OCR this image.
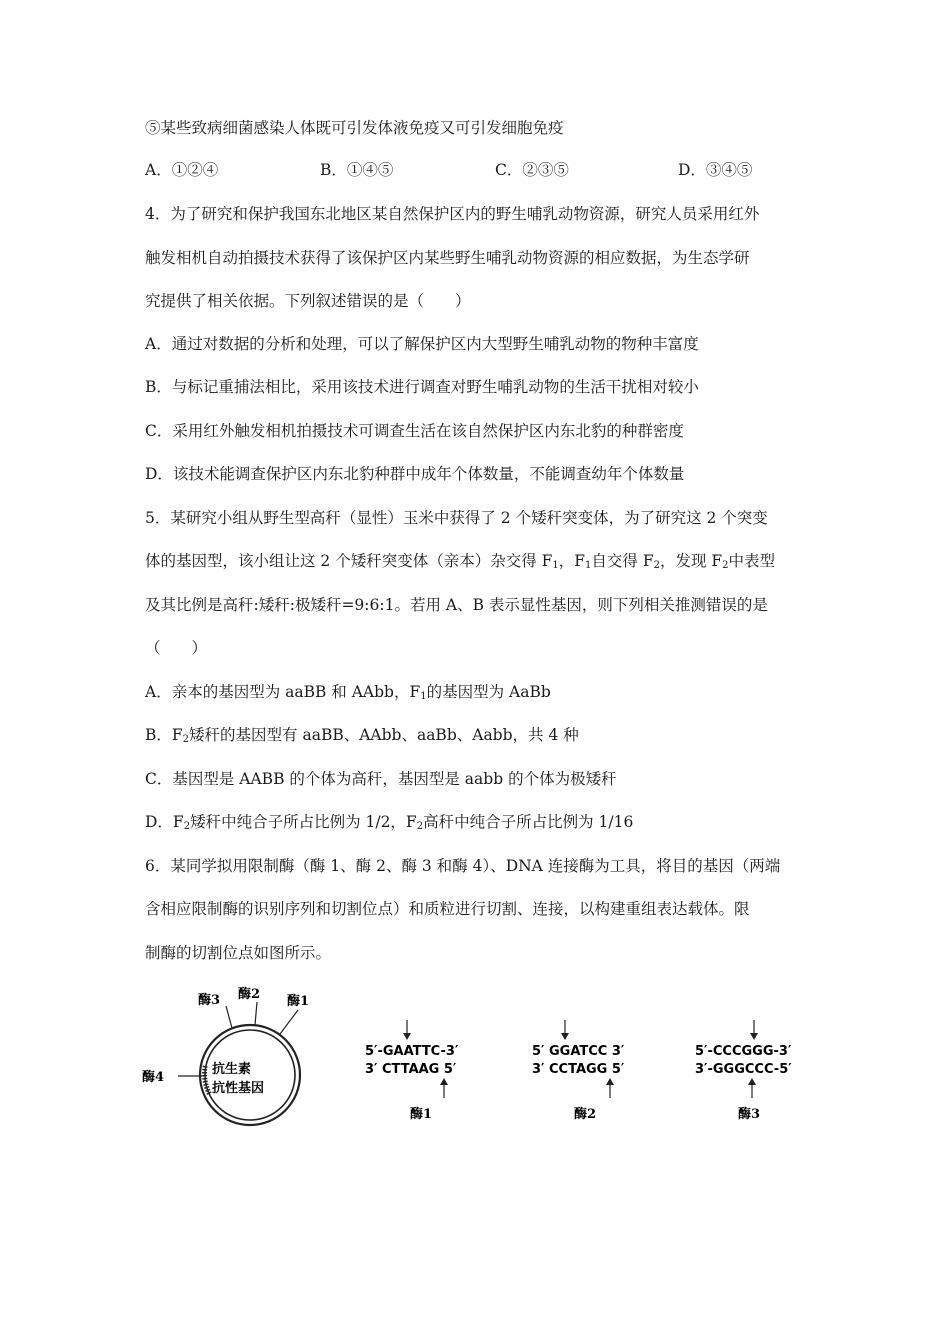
⑤某些致病细菌感染人体既可引发体液免疫又可引发细胞免疫
A．①②④	B．①④⑤	C．②③⑤	D．③④⑤
4．为了研究和保护我国东北地区某自然保护区内的野生哺乳动物资源，研究人员采用红外
触发相机自动拍摄技术获得了该保护区内某些野生哺乳动物资源的相应数据，为生态学研
究提供了相关依据。下列叙述错误的是（　　）
A．通过对数据的分析和处理，可以了解保护区内大型野生哺乳动物的物种丰富度
B．与标记重捕法相比，采用该技术进行调查对野生哺乳动物的生活干扰相对较小
C．采用红外触发相机拍摄技术可调查生活在该自然保护区内东北豹的种群密度
D．该技术能调查保护区内东北豹种群中成年个体数量，不能调查幼年个体数量
5．某研究小组从野生型高秆（显性）玉米中获得了 2 个矮秆突变体，为了研究这 2 个突变
体的基因型，该小组让这 2 个矮秆突变体（亲本）杂交得 $F_1$，$F_1$自交得 $F_2$，发现 $F_2$中表型
及其比例是高秆:矮秆:极矮秆=9:6:1。若用 A、B 表示显性基因，则下列相关推测错误的是
（　　）
A．亲本的基因型为 aaBB 和 AAbb，$F_1$的基因型为 AaBb
B．$F_2$矮秆的基因型有 aaBB、AAbb、aaBb、Aabb，共 4 种
C．基因型是 AABB 的个体为高秆，基因型是 aabb 的个体为极矮秆
D．$F_2$矮秆中纯合子所占比例为 1/2，$F_2$高秆中纯合子所占比例为 1/16
6．某同学拟用限制酶（酶 1、酶 2、酶 3 和酶 4）、DNA 连接酶为工具，将目的基因（两端
含相应限制酶的识别序列和切割位点）和质粒进行切割、连接，以构建重组表达载体。限
制酶的切割位点如图所示。
酶3 酶2 酶1
酶4
抗生素
抗性基因
5′-GAATTC-3′
3′ CTTAAG 5′
酶1
5′ GGATCC 3′
3′ CCTAGG 5′
酶2
5′-CCCGGG-3′
3′-GGGCCC-5′
酶3
